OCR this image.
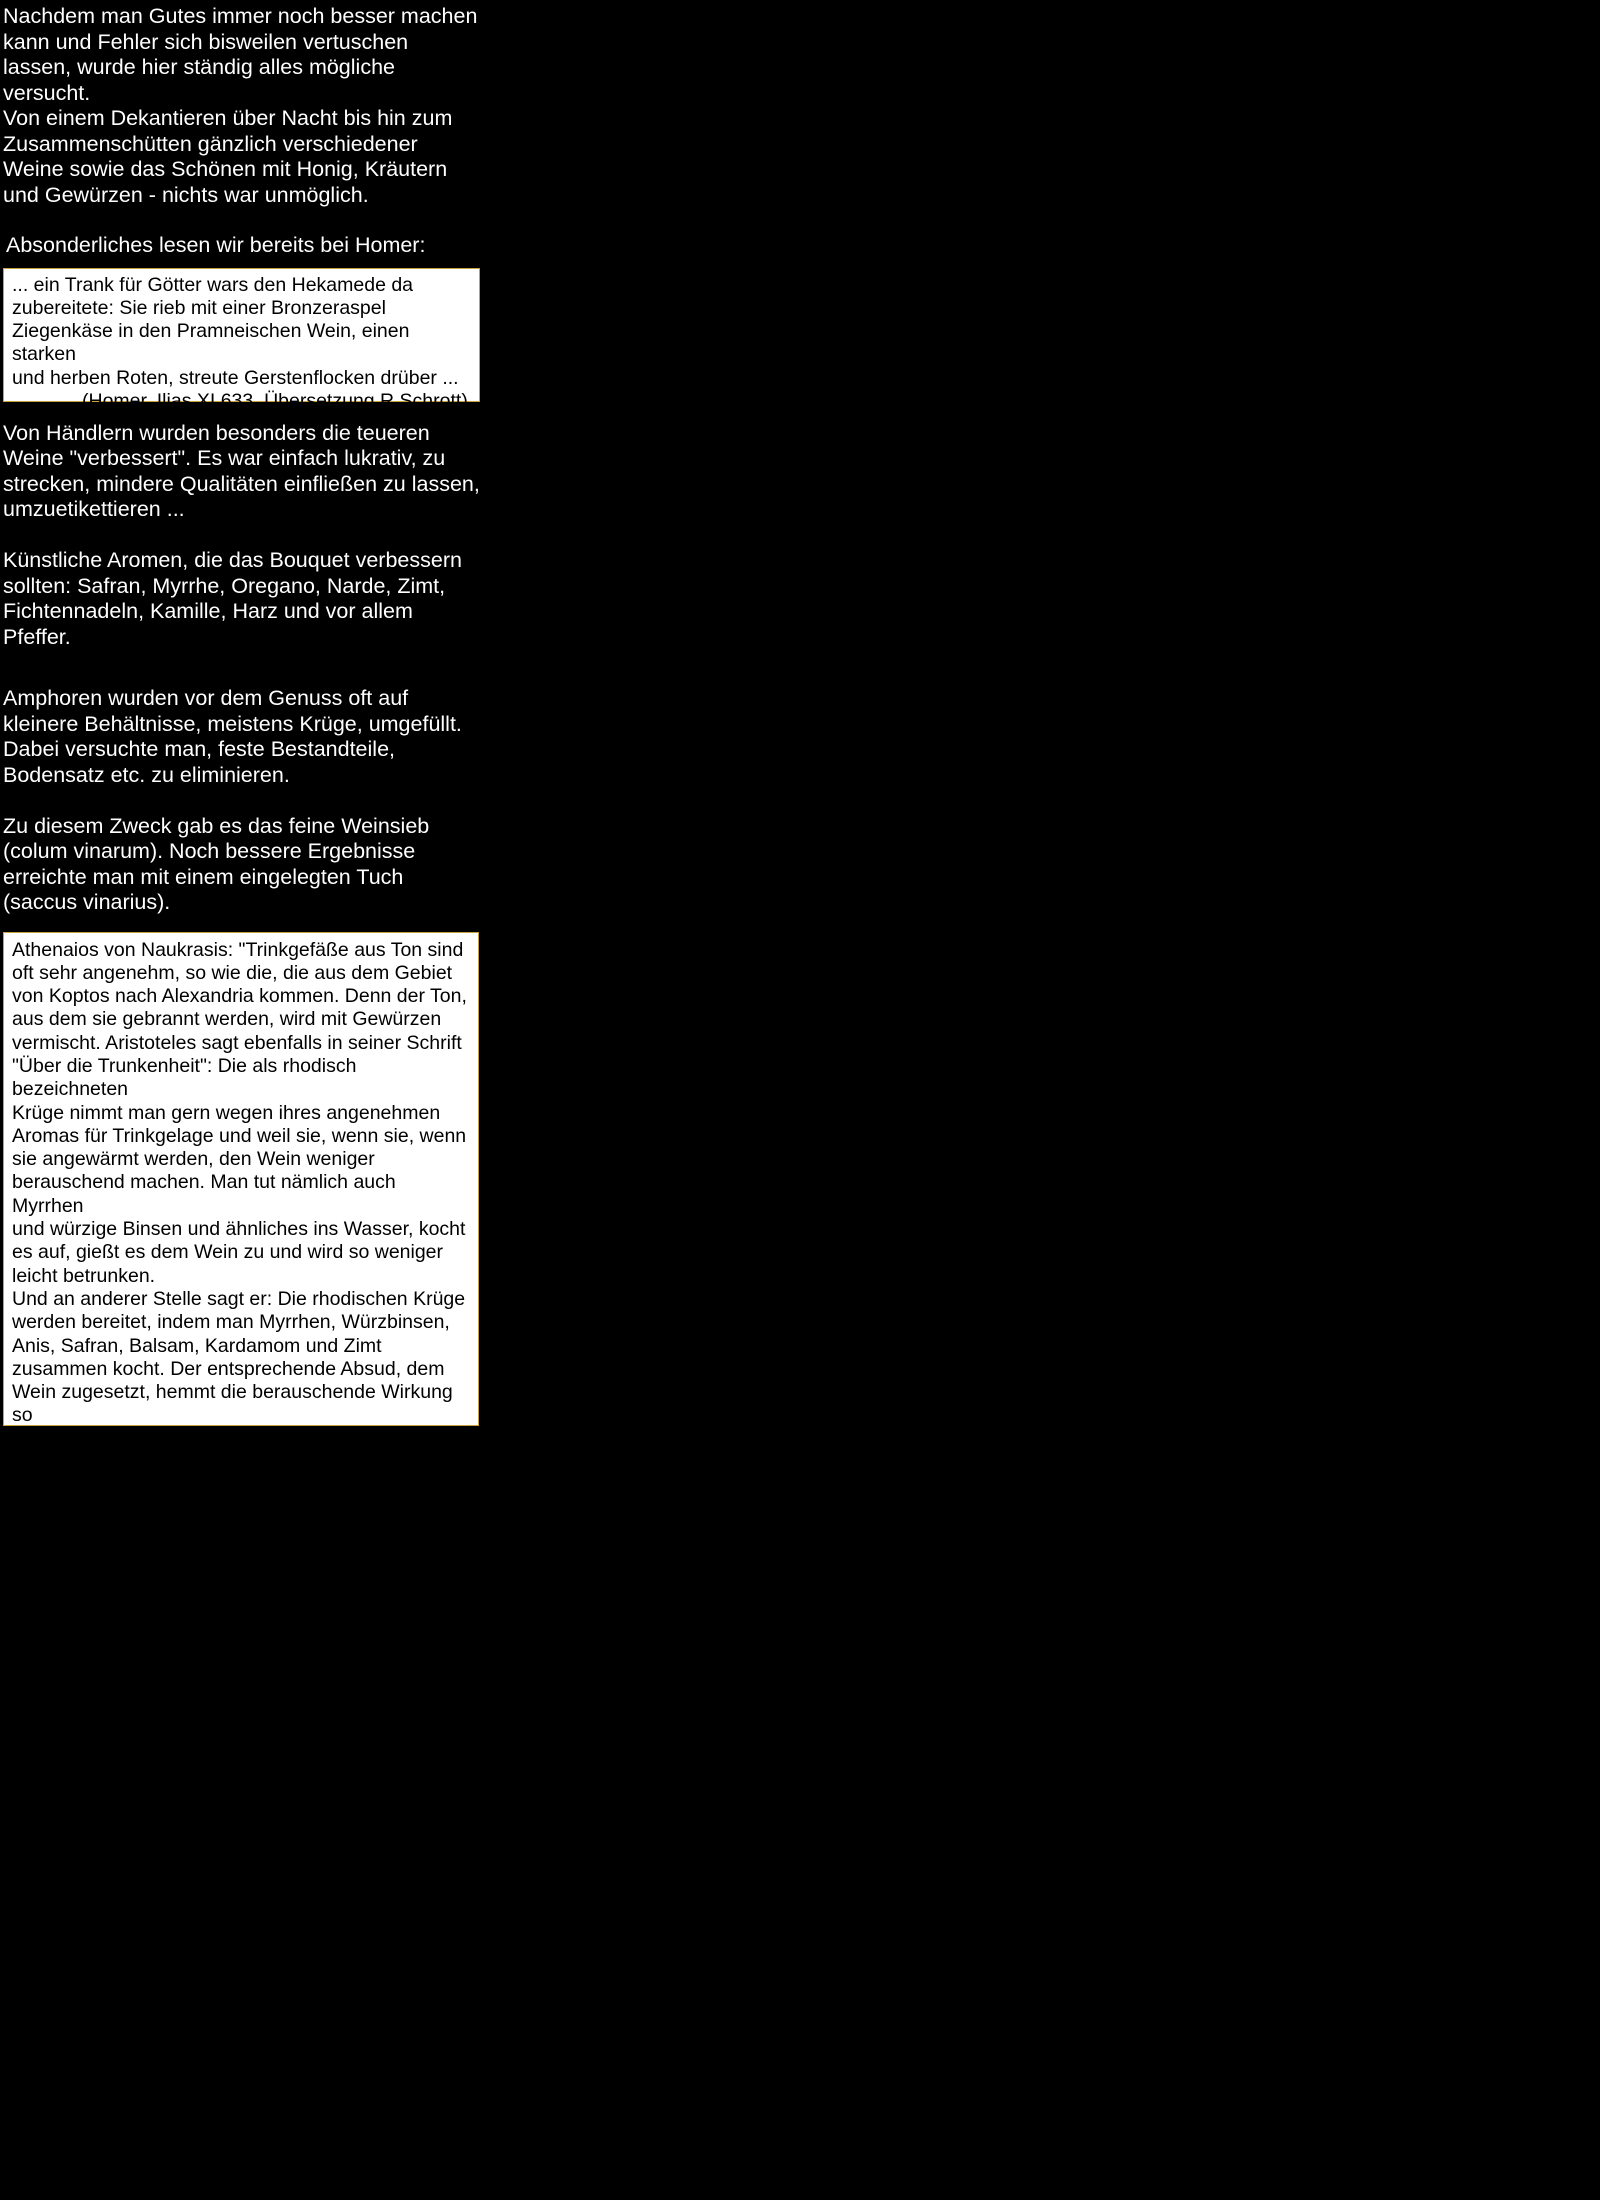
Nachdem man Gutes immer noch besser machen
kann und Fehler sich bisweilen vertuschen
lassen, wurde hier ständig alles mögliche
versucht.
Von einem Dekantieren über Nacht bis hin zum
Zusammenschütten gänzlich verschiedener
Weine sowie das Schönen mit Honig, Kräutern
und Gewürzen - nichts war unmöglich.

Absonderliches lesen wir bereits bei Homer:

... ein Trank für Götter wars den Hekamede da
zubereitete: Sie rieb mit einer Bronzeraspel
Ziegenkäse in den Pramneischen Wein, einen starken
und herben Roten, streute Gerstenflocken drüber ...
(Homer, Ilias XI 633, Übersetzung R.Schrott)

Von Händlern wurden besonders die teueren
Weine "verbessert". Es war einfach lukrativ, zu
strecken, mindere Qualitäten einfließen zu lassen,
umzuetikettieren ...

Künstliche Aromen, die das Bouquet verbessern
sollten: Safran, Myrrhe, Oregano, Narde, Zimt,
Fichtennadeln, Kamille, Harz und vor allem
Pfeffer.

Amphoren wurden vor dem Genuss oft auf
kleinere Behältnisse, meistens Krüge, umgefüllt.
Dabei versuchte man, feste Bestandteile,
Bodensatz etc. zu eliminieren.

Zu diesem Zweck gab es das feine Weinsieb
(colum vinarum). Noch bessere Ergebnisse
erreichte man mit einem eingelegten Tuch
(saccus vinarius).

Athenaios von Naukrasis: "Trinkgefäße aus Ton sind
oft sehr angenehm, so wie die, die aus dem Gebiet
von Koptos nach Alexandria kommen. Denn der Ton,
aus dem sie gebrannt werden, wird mit Gewürzen
vermischt. Aristoteles sagt ebenfalls in seiner Schrift
"Über die Trunkenheit": Die als rhodisch bezeichneten
Krüge nimmt man gern wegen ihres angenehmen
Aromas für Trinkgelage und weil sie, wenn sie, wenn
sie angewärmt werden, den Wein weniger
berauschend machen. Man tut nämlich auch Myrrhen
und würzige Binsen und ähnliches ins Wasser, kocht
es auf, gießt es dem Wein zu und wird so weniger
leicht betrunken.
Und an anderer Stelle sagt er: Die rhodischen Krüge
werden bereitet, indem man Myrrhen, Würzbinsen,
Anis, Safran, Balsam, Kardamom und Zimt
zusammen kocht. Der entsprechende Absud, dem
Wein zugesetzt, hemmt die berauschende Wirkung so
stark, dass er sogar die sexuelle Begierde vertreibt,
indem er die Körpersäfte besänftigt.
